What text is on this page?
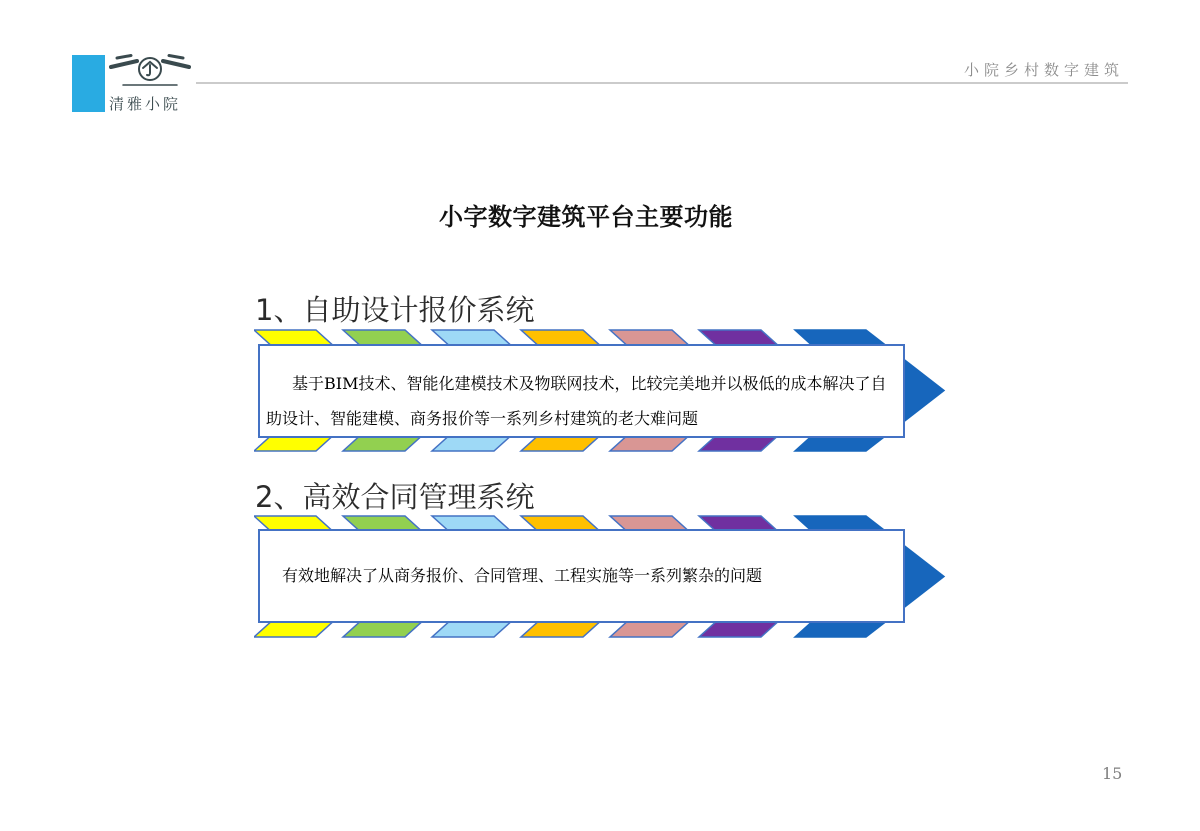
清雅小院
小院乡村数字建筑
小字数字建筑平台主要功能
1、自助设计报价系统
基于BIM技术、智能化建模技术及物联网技术，比较完美地并以极低的成本解决了自助设计、智能建模、商务报价等一系列乡村建筑的老大难问题
2、高效合同管理系统
有效地解决了从商务报价、合同管理、工程实施等一系列繁杂的问题
15
